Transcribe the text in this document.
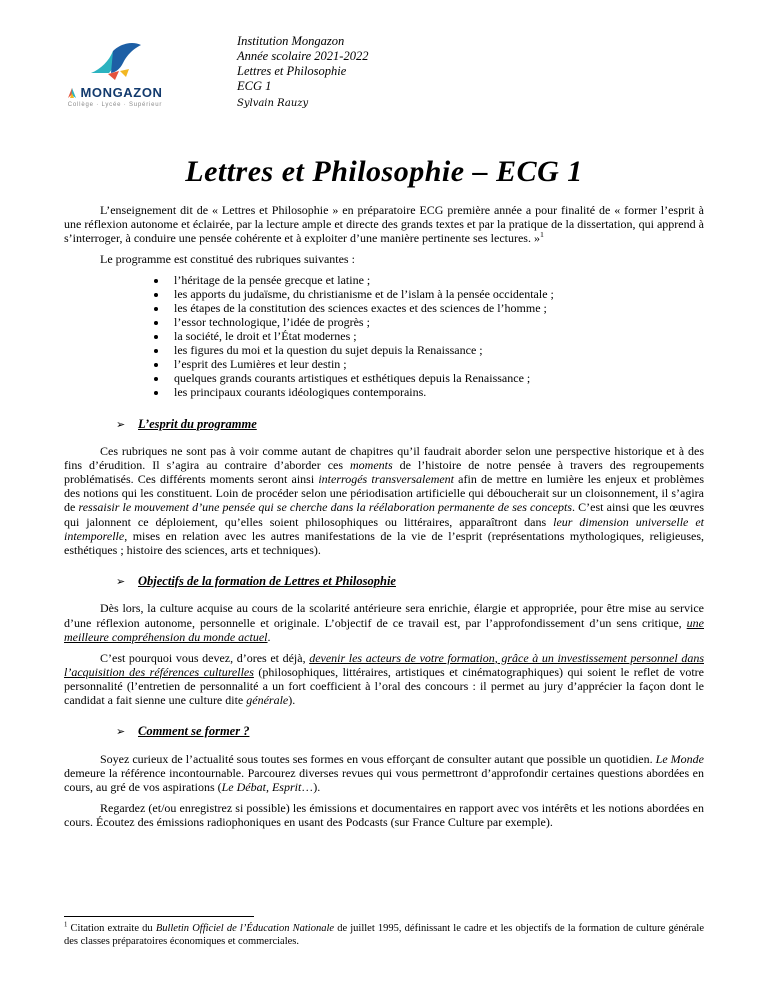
MONGAZON
Collège · Lycée · Supérieur
Institution Mongazon
Année scolaire 2021-2022
Lettres et Philosophie
ECG 1
Sylvain Rauzy
Lettres et Philosophie – ECG 1

L’enseignement dit de « Lettres et Philosophie » en préparatoire ECG première année a pour finalité de « former l’esprit à une réflexion autonome et éclairée, par la lecture ample et directe des grands textes et par la pratique de la dissertation, qui apprend à s’interroger, à conduire une pensée cohérente et à exploiter d’une manière pertinente ses lectures. »$^1$

Le programme est constitué des rubriques suivantes :

• l’héritage de la pensée grecque et latine ;
• les apports du judaïsme, du christianisme et de l’islam à la pensée occidentale ;
• les étapes de la constitution des sciences exactes et des sciences de l’homme ;
• l’essor technologique, l’idée de progrès ;
• la société, le droit et l’État modernes ;
• les figures du moi et la question du sujet depuis la Renaissance ;
• l’esprit des Lumières et leur destin ;
• quelques grands courants artistiques et esthétiques depuis la Renaissance ;
• les principaux courants idéologiques contemporains.
➢ L’esprit du programme

Ces rubriques ne sont pas à voir comme autant de chapitres qu’il faudrait aborder selon une perspective historique et à des fins d’érudition. Il s’agira au contraire d’aborder ces moments de l’histoire de notre pensée à travers des regroupements problématisés. Ces différents moments seront ainsi interrogés transversalement afin de mettre en lumière les enjeux et problèmes des notions qui les constituent. Loin de procéder selon une périodisation artificielle qui déboucherait sur un cloisonnement, il s’agira de ressaisir le mouvement d’une pensée qui se cherche dans la réélaboration permanente de ses concepts. C’est ainsi que les œuvres qui jalonnent ce déploiement, qu’elles soient philosophiques ou littéraires, apparaîtront dans leur dimension universelle et intemporelle, mises en relation avec les autres manifestations de la vie de l’esprit (représentations mythologiques, religieuses, esthétiques ; histoire des sciences, arts et techniques).

➢ Objectifs de la formation de Lettres et Philosophie

Dès lors, la culture acquise au cours de la scolarité antérieure sera enrichie, élargie et appropriée, pour être mise au service d’une réflexion autonome, personnelle et originale. L’objectif de ce travail est, par l’approfondissement d’un sens critique, une meilleure compréhension du monde actuel.

C’est pourquoi vous devez, d’ores et déjà, devenir les acteurs de votre formation, grâce à un investissement personnel dans l’acquisition des références culturelles (philosophiques, littéraires, artistiques et cinématographiques) qui soient le reflet de votre personnalité (l’entretien de personnalité a un fort coefficient à l’oral des concours : il permet au jury d’apprécier la façon dont le candidat a fait sienne une culture dite générale).

➢ Comment se former ?

Soyez curieux de l’actualité sous toutes ses formes en vous efforçant de consulter autant que possible un quotidien. Le Monde demeure la référence incontournable. Parcourez diverses revues qui vous permettront d’approfondir certaines questions abordées en cours, au gré de vos aspirations (Le Débat, Esprit…).

Regardez (et/ou enregistrez si possible) les émissions et documentaires en rapport avec vos intérêts et les notions abordées en cours. Écoutez des émissions radiophoniques en usant des Podcasts (sur France Culture par exemple).

$^1$ Citation extraite du Bulletin Officiel de l’Éducation Nationale de juillet 1995, définissant le cadre et les objectifs de la formation de culture générale des classes préparatoires économiques et commerciales.
